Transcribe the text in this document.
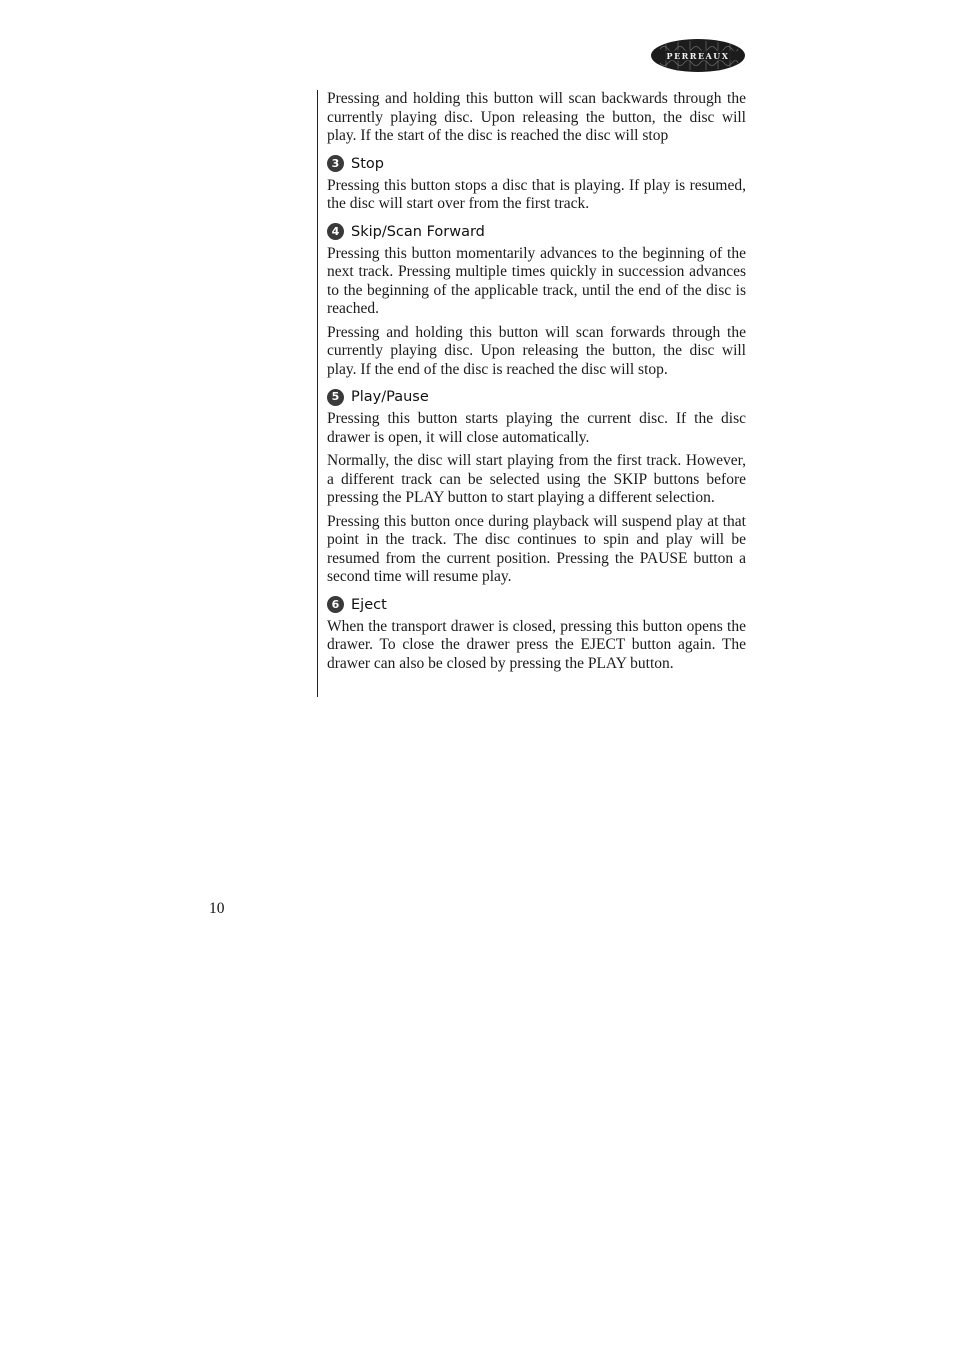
PERREAUX

Pressing and holding this button will scan backwards through the currently playing disc. Upon releasing the button, the disc will play. If the start of the disc is reached the disc will stop

3 Stop

Pressing this button stops a disc that is playing. If play is resumed, the disc will start over from the first track.

4 Skip/Scan Forward

Pressing this button momentarily advances to the beginning of the next track. Pressing multiple times quickly in succession advances to the beginning of the applicable track, until the end of the disc is reached.

Pressing and holding this button will scan forwards through the currently playing disc. Upon releasing the button, the disc will play. If the end of the disc is reached the disc will stop.

5 Play/Pause

Pressing this button starts playing the current disc. If the disc drawer is open, it will close automatically.

Normally, the disc will start playing from the first track. However, a different track can be selected using the SKIP buttons before pressing the PLAY button to start playing a different selection.

Pressing this button once during playback will suspend play at that point in the track. The disc continues to spin and play will be resumed from the current position. Pressing the PAUSE button a second time will resume play.

6 Eject

When the transport drawer is closed, pressing this button opens the drawer. To close the drawer press the EJECT button again. The drawer can also be closed by pressing the PLAY button.

10
